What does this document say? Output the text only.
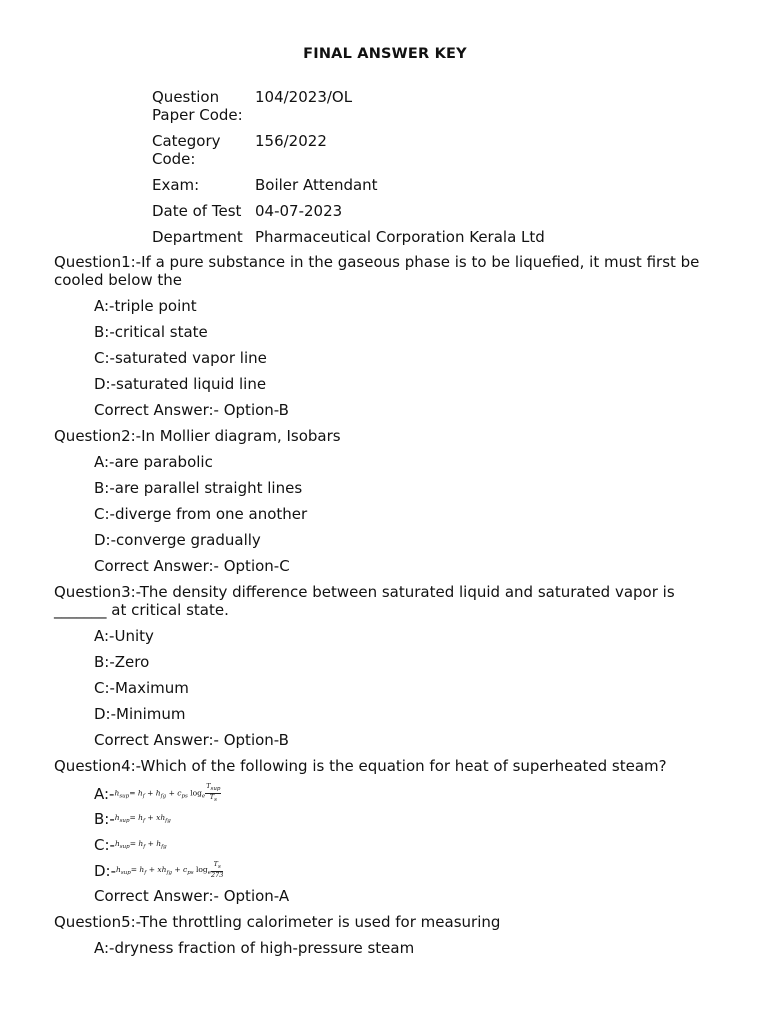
FINAL ANSWER KEY
Question
Paper Code:	104/2023/OL
Category
Code:	156/2022
Exam:	Boiler Attendant
Date of Test	04-07-2023
Department	Pharmaceutical Corporation Kerala Ltd
Question1:-If a pure substance in the gaseous phase is to be liquefied, it must first be cooled below the
A:-triple point
B:-critical state
C:-saturated vapor line
D:-saturated liquid line
Correct Answer:- Option-B
Question2:-In Mollier diagram, Isobars
A:-are parabolic
B:-are parallel straight lines
C:-diverge from one another
D:-converge gradually
Correct Answer:- Option-C
Question3:-The density difference between saturated liquid and saturated vapor is _______ at critical state.
A:-Unity
B:-Zero
C:-Maximum
D:-Minimum
Correct Answer:- Option-B
Question4:-Which of the following is the equation for heat of superheated steam?
$A:-h_{sup}= h_f + h_{fg} + c_{ps}$ $\log_e \frac{T_{sup}}{T_s}$
$B:-h_{sup}= h_f + xh_{fg}$
$C:-h_{sup}= h_f + h_{fg}$
$D:-h_{sup}= h_f + xh_{fg} + c_{ps}$ $\log_e \frac{T_s}{273}$
Correct Answer:- Option-A
Question5:-The throttling calorimeter is used for measuring
A:-dryness fraction of high-pressure steam
